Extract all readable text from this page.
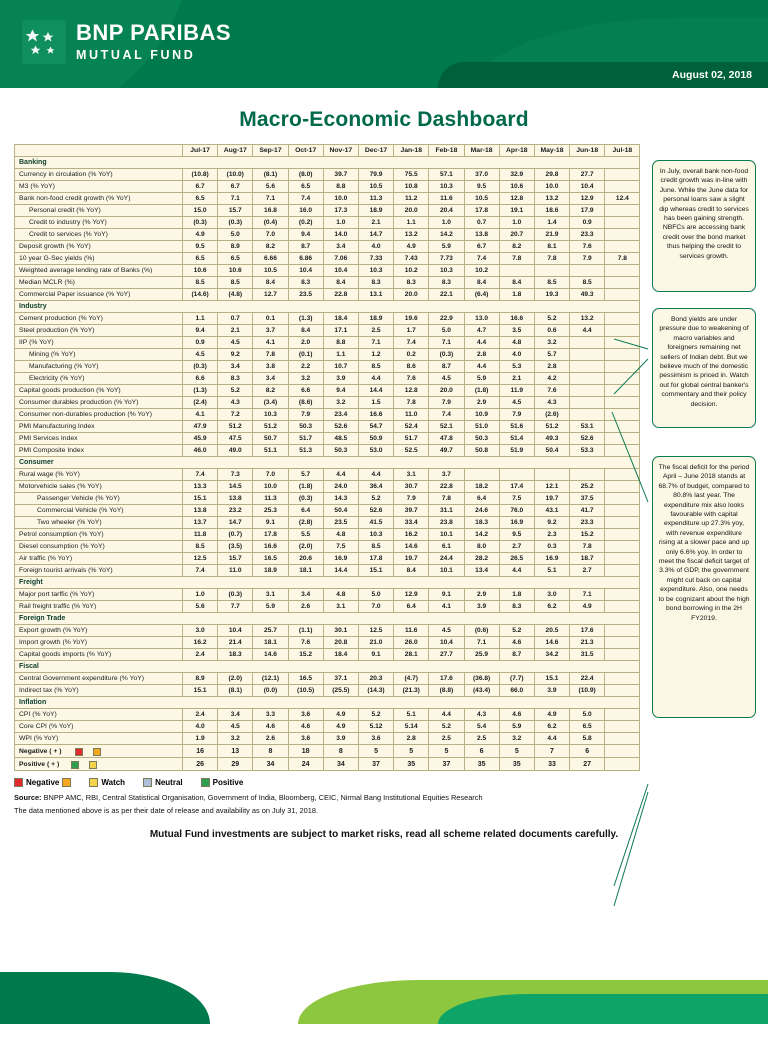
BNP PARIBAS
MUTUAL FUND
August 02, 2018
Macro-Economic Dashboard
	Jul-17	Aug-17	Sep-17	Oct-17	Nov-17	Dec-17	Jan-18	Feb-18	Mar-18	Apr-18	May-18	Jun-18	Jul-18
Banking													
Currency in circulation (% YoY)	(10.8)	(10.0)	(8.1)	(8.0)	39.7	79.9	75.5	57.1	37.0	32.9	29.8	27.7	
M3 (% YoY)	6.7	6.7	5.6	6.5	8.8	10.5	10.8	10.3	9.5	10.6	10.0	10.4	
Bank non-food credit growth (% YoY)	6.5	7.1	7.1	7.4	10.0	11.3	11.2	11.6	10.5	12.8	13.2	12.9	12.4
Personal credit (% YoY)	15.0	15.7	16.8	16.0	17.3	18.9	20.0	20.4	17.8	19.1	18.6	17.9	
Credit to industry (% YoY)	(0.3)	(0.3)	(0.4)	(0.2)	1.0	2.1	1.1	1.0	0.7	1.0	1.4	0.9	
Credit to services (% YoY)	4.9	5.0	7.0	9.4	14.0	14.7	13.2	14.2	13.8	20.7	21.9	23.3	
Deposit growth (% YoY)	9.5	8.9	8.2	8.7	3.4	4.0	4.9	5.9	6.7	8.2	8.1	7.6	
10 year G-Sec yields (%)	6.5	6.5	6.66	6.86	7.06	7.33	7.43	7.73	7.4	7.8	7.8	7.9	7.8
Weighted average lending rate of Banks (%)	10.6	10.6	10.5	10.4	10.4	10.3	10.2	10.3	10.2				
Median MCLR (%)	8.5	8.5	8.4	8.3	8.4	8.3	8.3	8.3	8.4	8.4	8.5	8.5	
Commercial Paper issuance (% YoY)	(14.6)	(4.8)	12.7	23.5	22.8	13.1	20.0	22.1	(6.4)	1.8	19.3	49.3	
Industry													
Cement production (% YoY)	1.1	0.7	0.1	(1.3)	18.4	18.9	19.6	22.9	13.0	16.6	5.2	13.2	
Steel production (% YoY)	9.4	2.1	3.7	8.4	17.1	2.5	1.7	5.0	4.7	3.5	0.6	4.4	
IIP (% YoY)	0.9	4.5	4.1	2.0	8.8	7.1	7.4	7.1	4.4	4.8	3.2		
Mining (% YoY)	4.5	9.2	7.8	(0.1)	1.1	1.2	0.2	(0.3)	2.8	4.0	5.7		
Manufacturing (% YoY)	(0.3)	3.4	3.8	2.2	10.7	8.5	8.6	8.7	4.4	5.3	2.8		
Electricity (% YoY)	6.6	8.3	3.4	3.2	3.9	4.4	7.6	4.5	5.9	2.1	4.2		
Capital goods production (% YoY)	(1.3)	5.2	8.2	6.6	9.4	14.4	12.8	20.0	(1.8)	11.9	7.6		
Consumer durables production (% YoY)	(2.4)	4.3	(3.4)	(8.6)	3.2	1.5	7.8	7.9	2.9	4.5	4.3		
Consumer non-durables production (% YoY)	4.1	7.2	10.3	7.9	23.4	16.6	11.0	7.4	10.9	7.9	(2.6)		
PMI Manufacturing Index	47.9	51.2	51.2	50.3	52.6	54.7	52.4	52.1	51.0	51.6	51.2	53.1	
PMI Services Index	45.9	47.5	50.7	51.7	48.5	50.9	51.7	47.8	50.3	51.4	49.3	52.6	
PMI Composite Index	46.0	49.0	51.1	51.3	50.3	53.0	52.5	49.7	50.8	51.9	50.4	53.3	
Consumer													
Rural wage (% YoY)	7.4	7.3	7.0	5.7	4.4	4.4	3.1	3.7					
Motorvehicle sales (% YoY)	13.3	14.5	10.0	(1.8)	24.0	36.4	30.7	22.8	18.2	17.4	12.1	25.2	
Passenger Vehicle (% YoY)	15.1	13.8	11.3	(0.3)	14.3	5.2	7.9	7.8	6.4	7.5	19.7	37.5	
Commercial Vehicle (% YoY)	13.8	23.2	25.3	6.4	50.4	52.6	39.7	31.1	24.6	76.0	43.1	41.7	
Two wheeler (% YoY)	13.7	14.7	9.1	(2.8)	23.5	41.5	33.4	23.8	18.3	16.9	9.2	23.3	
Petrol consumption (% YoY)	11.8	(0.7)	17.8	5.5	4.8	10.3	16.2	10.1	14.2	9.5	2.3	15.2	
Diesel consumption (% YoY)	8.5	(3.5)	16.6	(2.0)	7.5	8.5	14.6	6.1	8.0	2.7	0.3	7.8	
Air traffic (% YoY)	12.5	15.7	16.5	20.6	16.9	17.8	19.7	24.4	28.2	26.5	16.9	18.7	
Foreign tourist arrivals (% YoY)	7.4	11.0	18.9	18.1	14.4	15.1	8.4	10.1	13.4	4.4	5.1	2.7	
Freight													
Major port tarffic (% YoY)	1.0	(0.3)	3.1	3.4	4.8	5.0	12.9	9.1	2.9	1.8	3.0	7.1	
Rail freight traffic (% YoY)	5.6	7.7	5.9	2.6	3.1	7.0	6.4	4.1	3.9	8.3	6.2	4.9	
Foreign Trade													
Export growth (% YoY)	3.0	10.4	25.7	(1.1)	30.1	12.5	11.6	4.5	(0.6)	5.2	20.5	17.6	
Import growth (% YoY)	16.2	21.4	18.1	7.6	20.8	21.0	26.0	10.4	7.1	4.6	14.6	21.3	
Capital goods imports (% YoY)	2.4	18.3	14.6	15.2	18.4	9.1	28.1	27.7	25.9	8.7	34.2	31.5	
Fiscal													
Central Government expenditure (% YoY)	8.9	(2.0)	(12.1)	16.5	37.1	20.3	(4.7)	17.6	(36.8)	(7.7)	15.1	22.4	
Indirect tax (% YoY)	15.1	(8.1)	(0.0)	(10.5)	(25.5)	(14.3)	(21.3)	(8.8)	(43.4)	66.0	3.9	(10.9)	
Inflation													
CPI (% YoY)	2.4	3.4	3.3	3.6	4.9	5.2	5.1	4.4	4.3	4.6	4.9	5.0	
Core CPI (% YoY)	4.0	4.5	4.6	4.6	4.9	5.12	5.14	5.2	5.4	5.9	6.2	6.5	
WPI (% YoY)	1.9	3.2	2.6	3.6	3.9	3.6	2.8	2.5	2.5	3.2	4.4	5.8	
Negative ( + )	16	13	8	18	8	5	5	5	6	5	7	6	
Positive ( + )	26	29	34	24	34	37	35	37	35	35	33	27	
Negative	Watch	Neutral	Positive
Source: BNPP AMC, RBI, Central Statistical Organisation, Government of India, Bloomberg, CEIC, Nirmal Bang Institutional Equities Research
The data mentioned above is as per their date of release and availability as on July 31, 2018.
In July, overall bank non-food credit growth was in-line with June. While the June data for personal loans saw a slight dip whereas credit to services has been gaining strength. NBFCs are accessing bank credit over the bond market thus helping the credit to services growth.
Bond yields are under pressure due to weakening of macro variables and foreigners remaining net sellers of Indian debt. But we believe much of the domestic pessimism is priced in. Watch out for global central banker's commentary and their policy decision.
The fiscal deficit for the period April – June 2018 stands at 68.7% of budget, compared to 80.8% last year. The expenditure mix also looks favourable with capital expenditure up 27.3% yoy, with revenue expenditure rising at a slower pace and up only 6.6% yoy. In order to meet the fiscal deficit target of 3.3% of GDP, the government might cut back on capital expenditure. Also, one needs to be cognizant about the high bond borrowing in the 2H FY2019.
Mutual Fund investments are subject to market risks, read all scheme related documents carefully.
